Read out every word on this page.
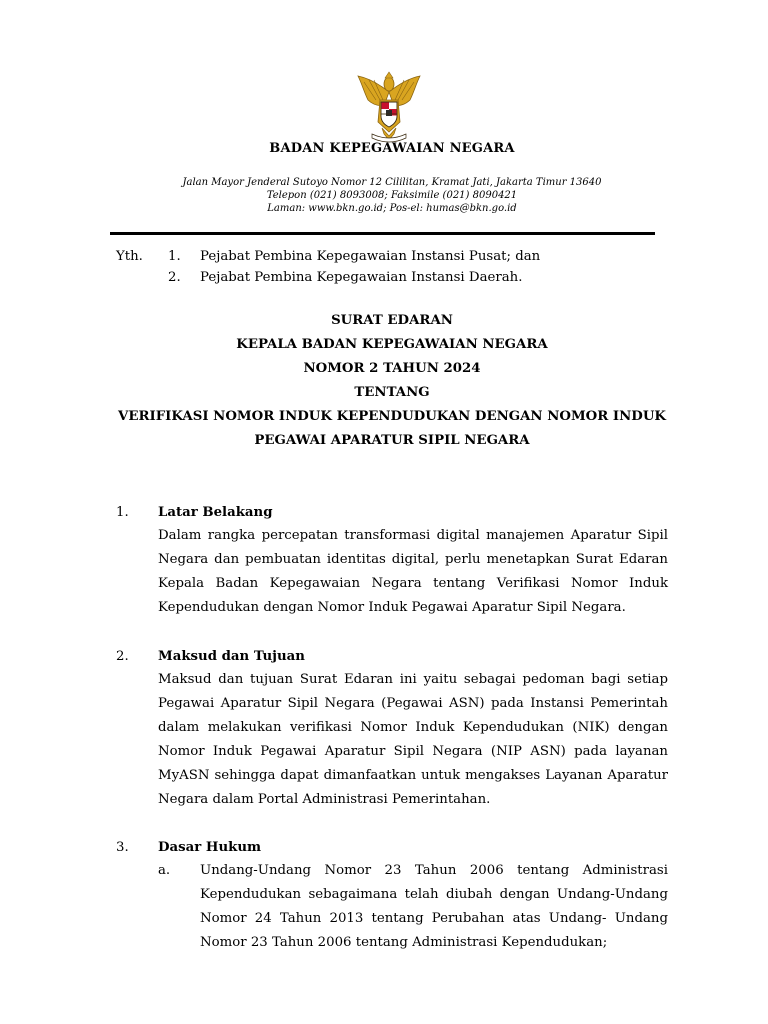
BADAN KEPEGAWAIAN NEGARA
Jalan Mayor Jenderal Sutoyo Nomor 12 Cililitan, Kramat Jati, Jakarta Timur 13640
Telepon (021) 8093008; Faksimile (021) 8090421
Laman: www.bkn.go.id; Pos-el: humas@bkn.go.id
Yth. 1. Pejabat Pembina Kepegawaian Instansi Pusat; dan
2. Pejabat Pembina Kepegawaian Instansi Daerah.
SURAT EDARAN
KEPALA BADAN KEPEGAWAIAN NEGARA
NOMOR 2 TAHUN 2024
TENTANG
VERIFIKASI NOMOR INDUK KEPENDUDUKAN DENGAN NOMOR INDUK
PEGAWAI APARATUR SIPIL NEGARA
1. Latar Belakang
Dalam rangka percepatan transformasi digital manajemen Aparatur Sipil Negara dan pembuatan identitas digital, perlu menetapkan Surat Edaran Kepala Badan Kepegawaian Negara tentang Verifikasi Nomor Induk Kependudukan dengan Nomor Induk Pegawai Aparatur Sipil Negara.
2. Maksud dan Tujuan
Maksud dan tujuan Surat Edaran ini yaitu sebagai pedoman bagi setiap Pegawai Aparatur Sipil Negara (Pegawai ASN) pada Instansi Pemerintah dalam melakukan verifikasi Nomor Induk Kependudukan (NIK) dengan Nomor Induk Pegawai Aparatur Sipil Negara (NIP ASN) pada layanan MyASN sehingga dapat dimanfaatkan untuk mengakses Layanan Aparatur Negara dalam Portal Administrasi Pemerintahan.
3. Dasar Hukum
a. Undang-Undang Nomor 23 Tahun 2006 tentang Administrasi Kependudukan sebagaimana telah diubah dengan Undang-Undang Nomor 24 Tahun 2013 tentang Perubahan atas Undang- Undang Nomor 23 Tahun 2006 tentang Administrasi Kependudukan;
